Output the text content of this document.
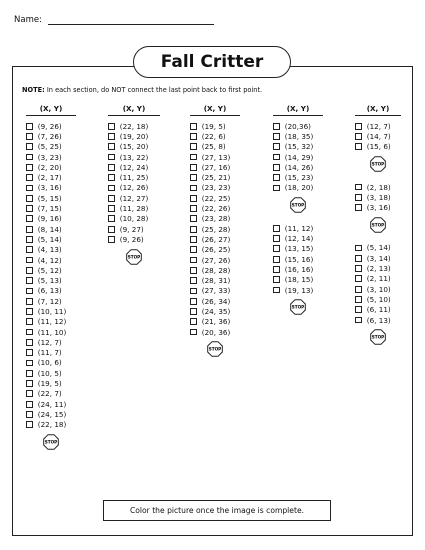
Name:
Fall Critter
NOTE: In each section, do NOT connect the last point back to first point.
(X, Y)
(9, 26)
(7, 26)
(5, 25)
(3, 23)
(2, 20)
(2, 17)
(3, 16)
(5, 15)
(7, 15)
(9, 16)
(8, 14)
(5, 14)
(4, 13)
(4, 12)
(5, 12)
(5, 13)
(6, 13)
(7, 12)
(10, 11)
(11, 12)
(11, 10)
(12, 7)
(11, 7)
(10, 6)
(10, 5)
(19, 5)
(22, 7)
(24, 11)
(24, 15)
(22, 18)
STOP
(X, Y)
(22, 18)
(19, 20)
(15, 20)
(13, 22)
(12, 24)
(11, 25)
(12, 26)
(12, 27)
(11, 28)
(10, 28)
(9, 27)
(9, 26)
STOP
(X, Y)
(19, 5)
(22, 6)
(25, 8)
(27, 13)
(27, 16)
(25, 21)
(23, 23)
(22, 25)
(22, 26)
(23, 28)
(25, 28)
(26, 27)
(26, 25)
(27, 26)
(28, 28)
(28, 31)
(27, 33)
(26, 34)
(24, 35)
(21, 36)
(20, 36)
STOP
(X, Y)
(20,36)
(18, 35)
(15, 32)
(14, 29)
(14, 26)
(15, 23)
(18, 20)
STOP
(11, 12)
(12, 14)
(13, 15)
(15, 16)
(16, 16)
(18, 15)
(19, 13)
STOP
(X, Y)
(12, 7)
(14, 7)
(15, 6)
STOP
(2, 18)
(3, 18)
(3, 16)
STOP
(5, 14)
(3, 14)
(2, 13)
(2, 11)
(3, 10)
(5, 10)
(6, 11)
(6, 13)
STOP
Color the picture once the image is complete.
